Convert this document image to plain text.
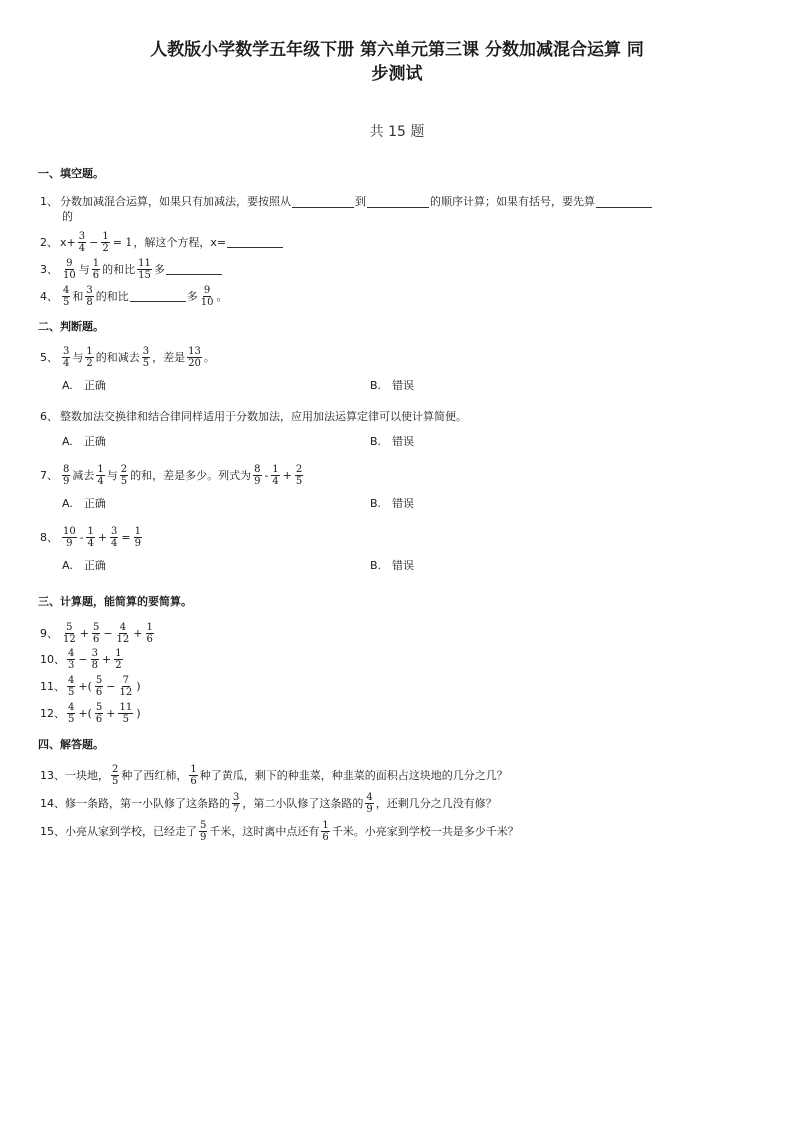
人教版小学数学五年级下册 第六单元第三课 分数加减混合运算 同
步测试
共 15 题
一、填空题。
1、 分数加减混合运算，如果只有加减法，要按照从	到	的顺序计算；如果有括号，要先算
的
2、 $x+ \frac{3}{4} - \frac{1}{2} = 1$ ，解这个方程，x=
3、 $\frac{9}{10}$ 与 $\frac{1}{6}$ 的和比 $\frac{11}{15}$ 多
4、 $\frac{4}{5}$ 和 $\frac{3}{8}$ 的和比	多 $\frac{9}{10}$ 。
二、判断题。
5、 $\frac{3}{4}$ 与 $\frac{1}{2}$ 的和减去 $\frac{3}{5}$ ，差是 $\frac{13}{20}$ 。
A.　正确	B.　错误
6、 整数加法交换律和结合律同样适用于分数加法，应用加法运算定律可以使计算简便。
A.　正确	B.　错误
7、 $\frac{8}{9}$ 减去 $\frac{1}{4}$ 与 $\frac{2}{5}$ 的和，差是多少。列式为 $\frac{8}{9} - \frac{1}{4} + \frac{2}{5}$
A.　正确	B.　错误
8、 $\frac{10}{9} - \frac{1}{4} + \frac{3}{4} = \frac{1}{9}$
A.　正确	B.　错误
三、计算题，能简算的要简算。
9、 $\frac{5}{12} + \frac{5}{6} - \frac{4}{12} + \frac{1}{6}$
10、 $\frac{4}{3} - \frac{3}{8} + \frac{1}{2}$
11、 $\frac{4}{5}$ +( $\frac{5}{6} - \frac{7}{12}$ )
12、 $\frac{4}{5}$ +( $\frac{5}{6} + \frac{11}{5}$ )
四、解答题。
13、 一块地， $\frac{2}{5}$ 种了西红柿， $\frac{1}{6}$ 种了黄瓜，剩下的种韭菜，种韭菜的面积占这块地的几分之几？
14、 修一条路，第一小队修了这条路的 $\frac{3}{7}$ ，第二小队修了这条路的 $\frac{4}{9}$ ，还剩几分之几没有修？
15、 小亮从家到学校，已经走了 $\frac{5}{9}$ 千米，这时离中点还有 $\frac{1}{6}$ 千米。小亮家到学校一共是多少千米？
